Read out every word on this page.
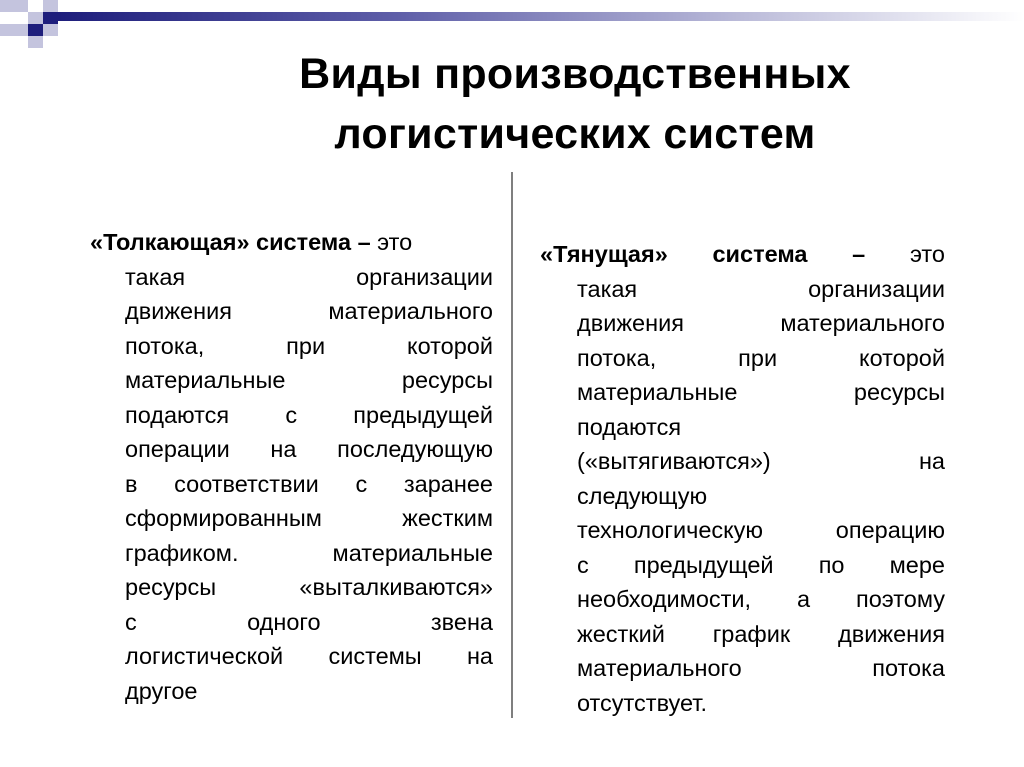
Виды производственных
логистических систем

«Толкающая» система – это

такая организации

движения материального

потока, при которой

материальные ресурсы

подаются с предыдущей

операции на последующую

в соответствии с заранее

сформированным жестким

графиком. материальные

ресурсы «выталкиваются»

с одного звена

логистической системы на

другое

«Тянущая» система – это

такая организации

движения материального

потока, при которой

материальные ресурсы

подаются

(«вытягиваются») на

следующую

технологическую операцию

с предыдущей по мере

необходимости, а поэтому

жесткий график движения

материального потока

отсутствует.
